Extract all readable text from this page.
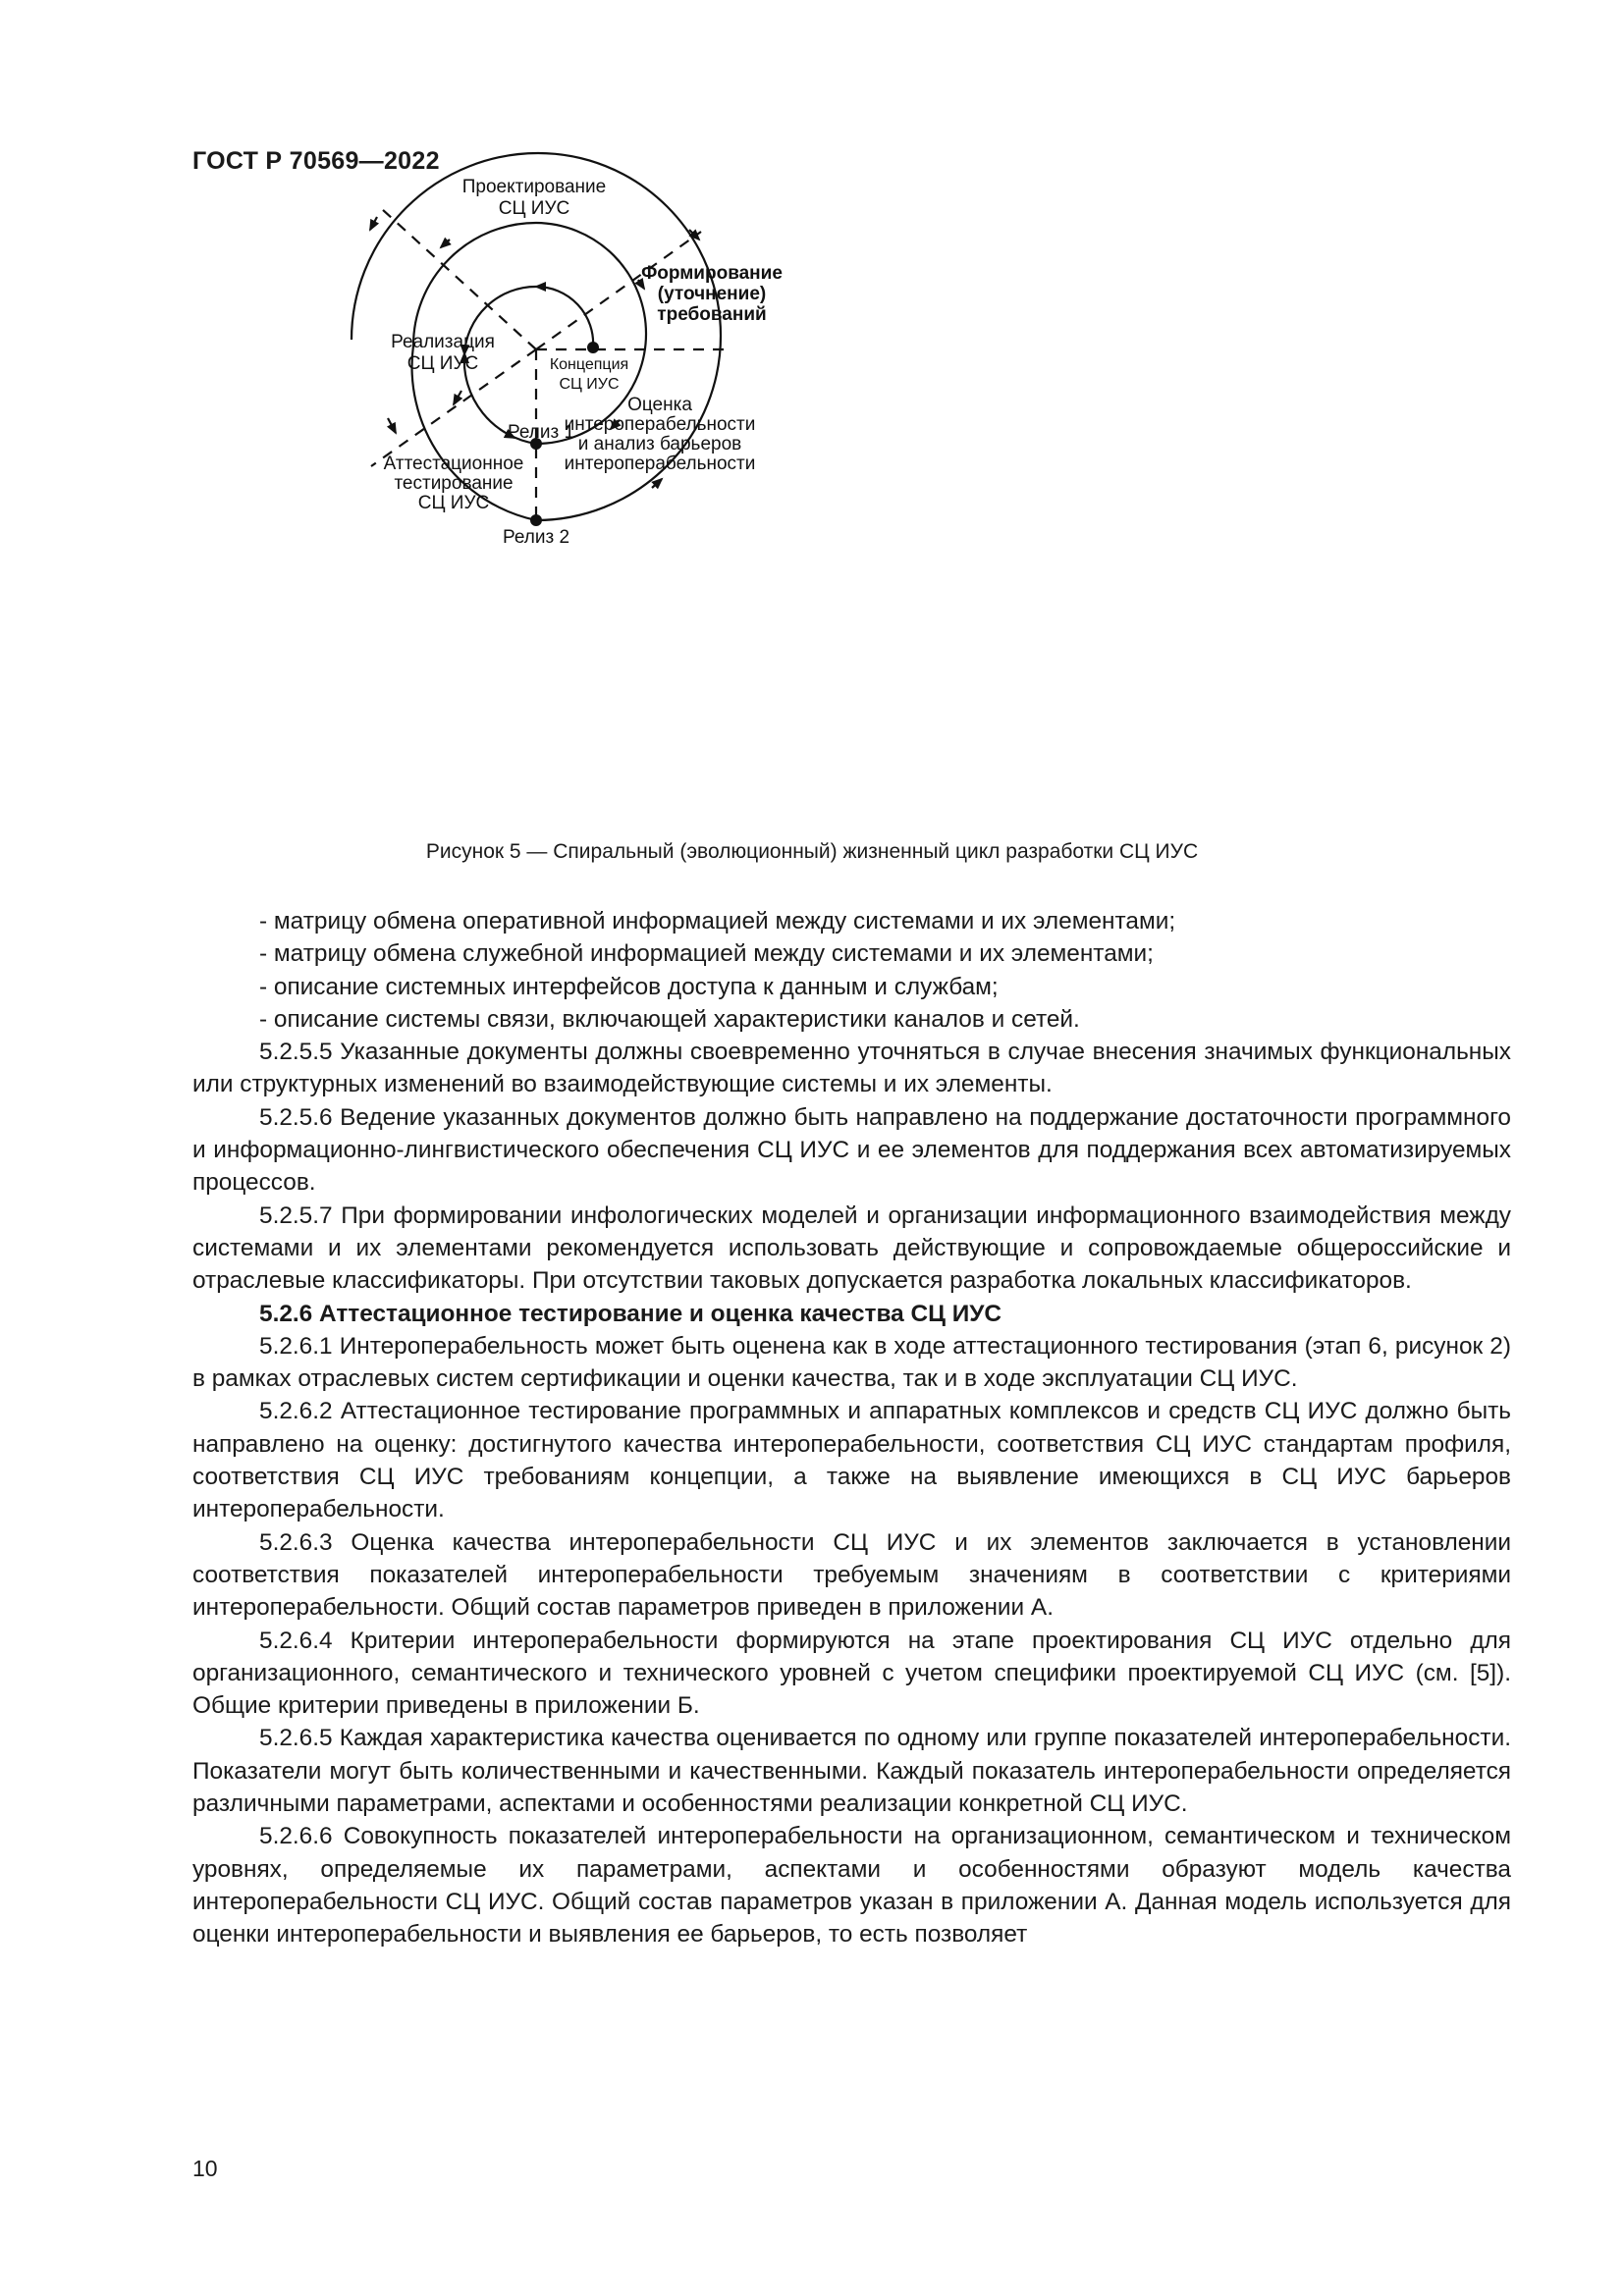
ГОСТ Р 70569—2022
Проектирование СЦ ИУС
Формирование (уточнение) требований
Реализация СЦ ИУС	Концепция СЦ ИУС
Оценка интероперабельности и анализ барьеров интероперабельности
Релиз 1
Аттестационное тестирование СЦ ИУС
Релиз 2
Рисунок 5 — Спиральный (эволюционный) жизненный цикл разработки СЦ ИУС

- матрицу обмена оперативной информацией между системами и их элементами;

- матрицу обмена служебной информацией между системами и их элементами;

- описание системных интерфейсов доступа к данным и службам;

- описание системы связи, включающей характеристики каналов и сетей.

5.2.5.5 Указанные документы должны своевременно уточняться в случае внесения значимых функциональных или структурных изменений во взаимодействующие системы и их элементы.

5.2.5.6 Ведение указанных документов должно быть направлено на поддержание достаточности программного и информационно-лингвистического обеспечения СЦ ИУС и ее элементов для поддержания всех автоматизируемых процессов.

5.2.5.7 При формировании инфологических моделей и организации информационного взаимодействия между системами и их элементами рекомендуется использовать действующие и сопровождаемые общероссийские и отраслевые классификаторы. При отсутствии таковых допускается разработка локальных классификаторов.

5.2.6 Аттестационное тестирование и оценка качества СЦ ИУС

5.2.6.1 Интероперабельность может быть оценена как в ходе аттестационного тестирования (этап 6, рисунок 2) в рамках отраслевых систем сертификации и оценки качества, так и в ходе эксплуатации СЦ ИУС.

5.2.6.2 Аттестационное тестирование программных и аппаратных комплексов и средств СЦ ИУС должно быть направлено на оценку: достигнутого качества интероперабельности, соответствия СЦ ИУС стандартам профиля, соответствия СЦ ИУС требованиям концепции, а также на выявление имеющихся в СЦ ИУС барьеров интероперабельности.

5.2.6.3 Оценка качества интероперабельности СЦ ИУС и их элементов заключается в установлении соответствия показателей интероперабельности требуемым значениям в соответствии с критериями интероперабельности. Общий состав параметров приведен в приложении А.

5.2.6.4 Критерии интероперабельности формируются на этапе проектирования СЦ ИУС отдельно для организационного, семантического и технического уровней с учетом специфики проектируемой СЦ ИУС (см. [5]). Общие критерии приведены в приложении Б.

5.2.6.5 Каждая характеристика качества оценивается по одному или группе показателей интероперабельности. Показатели могут быть количественными и качественными. Каждый показатель интероперабельности определяется различными параметрами, аспектами и особенностями реализации конкретной СЦ ИУС.

5.2.6.6 Совокупность показателей интероперабельности на организационном, семантическом и техническом уровнях, определяемые их параметрами, аспектами и особенностями образуют модель качества интероперабельности СЦ ИУС. Общий состав параметров указан в приложении А. Данная модель используется для оценки интероперабельности и выявления ее барьеров, то есть позволяет

10
